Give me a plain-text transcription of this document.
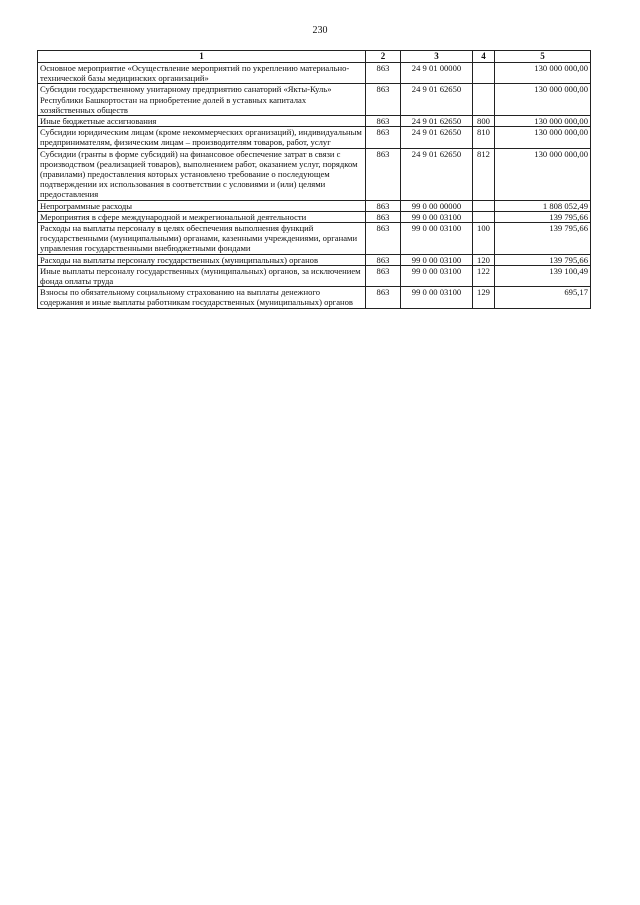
230
1	2	3	4	5
Основное мероприятие «Осуществление мероприятий по укреплению материально-технической базы медицинских организаций»	863	24 9 01 00000		130 000 000,00
Субсидии государственному унитарному предприятию санаторий «Якты-Куль» Республики Башкортостан на приобретение долей в уставных капиталах хозяйственных обществ	863	24 9 01 62650		130 000 000,00
Иные бюджетные ассигнования	863	24 9 01 62650	800	130 000 000,00
Субсидии юридическим лицам (кроме некоммерческих организаций), индивидуальным предпринимателям, физическим лицам – производителям товаров, работ, услуг	863	24 9 01 62650	810	130 000 000,00
Субсидии (гранты в форме субсидий) на финансовое обеспечение затрат в связи с производством (реализацией товаров), выполнением работ, оказанием услуг, порядком (правилами) предоставления которых установлено требование о последующем подтверждении их использования в соответствии с условиями и (или) целями предоставления	863	24 9 01 62650	812	130 000 000,00
Непрограммные расходы	863	99 0 00 00000		1 808 052,49
Мероприятия в сфере международной и межрегиональной деятельности	863	99 0 00 03100		139 795,66
Расходы на выплаты персоналу в целях обеспечения выполнения функций государственными (муниципальными) органами, казенными учреждениями, органами управления государственными внебюджетными фондами	863	99 0 00 03100	100	139 795,66
Расходы на выплаты персоналу государственных (муниципальных) органов	863	99 0 00 03100	120	139 795,66
Иные выплаты персоналу государственных (муниципальных) органов, за исключением фонда оплаты труда	863	99 0 00 03100	122	139 100,49
Взносы по обязательному социальному страхованию на выплаты денежного содержания и иные выплаты работникам государственных (муниципальных) органов	863	99 0 00 03100	129	695,17
